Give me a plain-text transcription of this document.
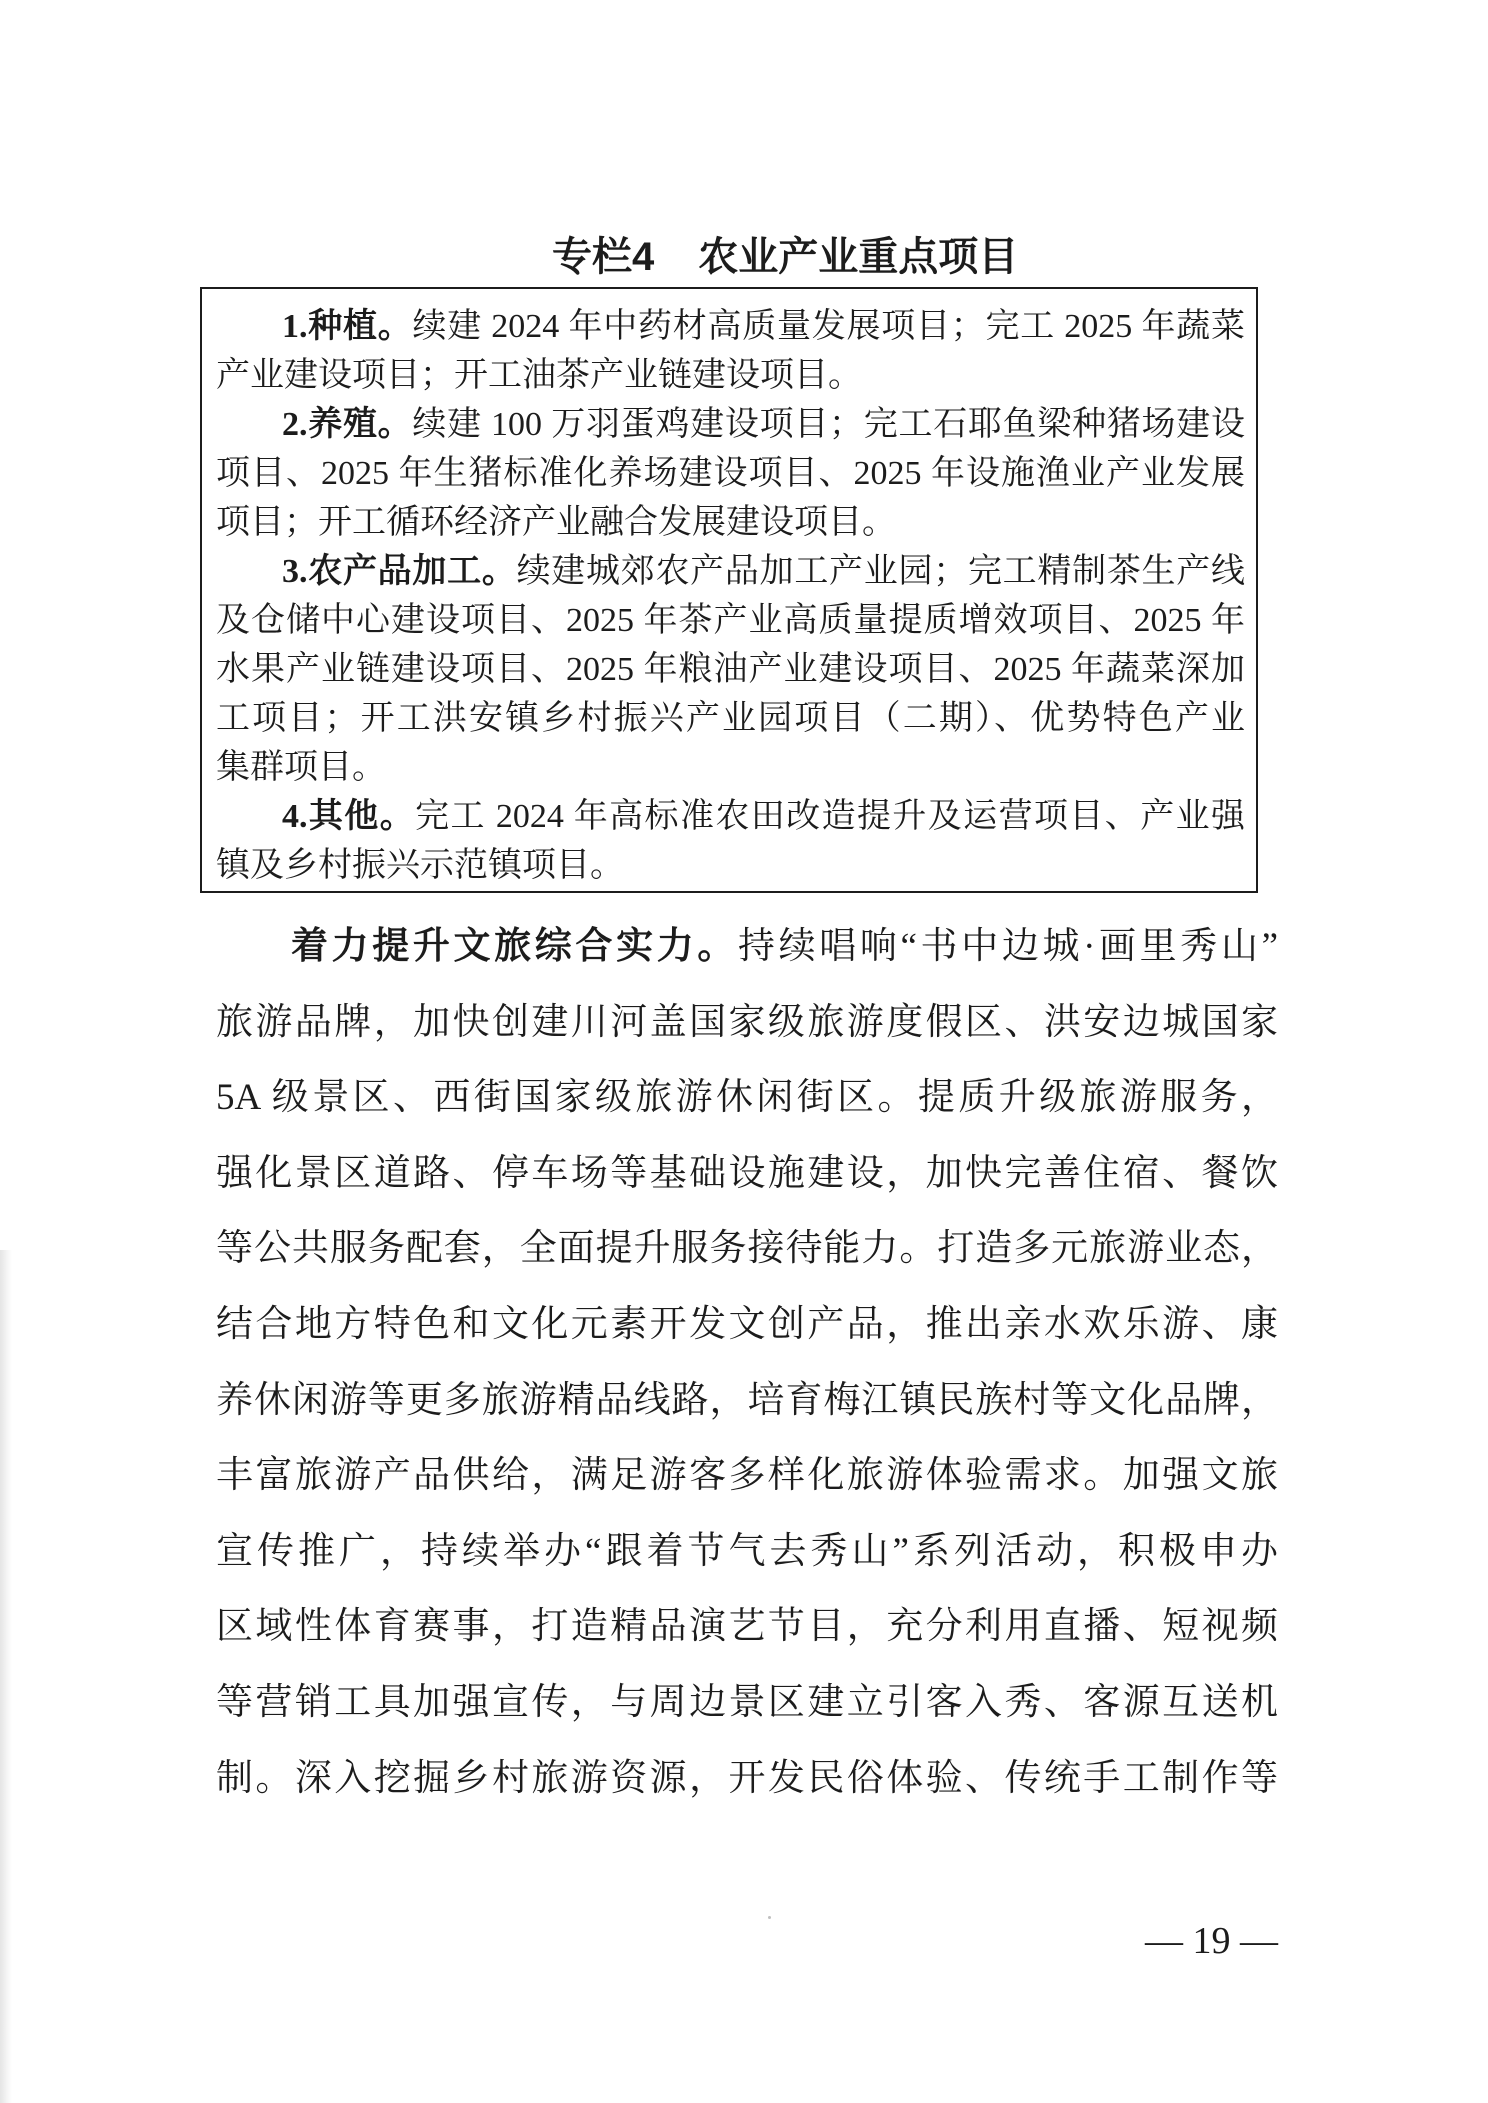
专栏4 农业产业重点项目
1.种植。续建 2024 年中药材高质量发展项目；完工 2025 年蔬菜
产业建设项目；开工油茶产业链建设项目。
2.养殖。续建 100 万羽蛋鸡建设项目；完工石耶鱼梁种猪场建设
项目、2025 年生猪标准化养场建设项目、2025 年设施渔业产业发展
项目；开工循环经济产业融合发展建设项目。
3.农产品加工。续建城郊农产品加工产业园；完工精制茶生产线
及仓储中心建设项目、2025 年茶产业高质量提质增效项目、2025 年
水果产业链建设项目、2025 年粮油产业建设项目、2025 年蔬菜深加
工项目；开工洪安镇乡村振兴产业园项目（二期）、优势特色产业
集群项目。
4.其他。完工 2024 年高标准农田改造提升及运营项目、产业强
镇及乡村振兴示范镇项目。
着力提升文旅综合实力。持续唱响“书中边城·画里秀山”
旅游品牌，加快创建川河盖国家级旅游度假区、洪安边城国家
5A 级景区、西街国家级旅游休闲街区。提质升级旅游服务，
强化景区道路、停车场等基础设施建设，加快完善住宿、餐饮
等公共服务配套，全面提升服务接待能力。打造多元旅游业态，
结合地方特色和文化元素开发文创产品，推出亲水欢乐游、康
养休闲游等更多旅游精品线路，培育梅江镇民族村等文化品牌，
丰富旅游产品供给，满足游客多样化旅游体验需求。加强文旅
宣传推广，持续举办“跟着节气去秀山”系列活动，积极申办
区域性体育赛事，打造精品演艺节目，充分利用直播、短视频
等营销工具加强宣传，与周边景区建立引客入秀、客源互送机
制。深入挖掘乡村旅游资源，开发民俗体验、传统手工制作等
— 19 —
